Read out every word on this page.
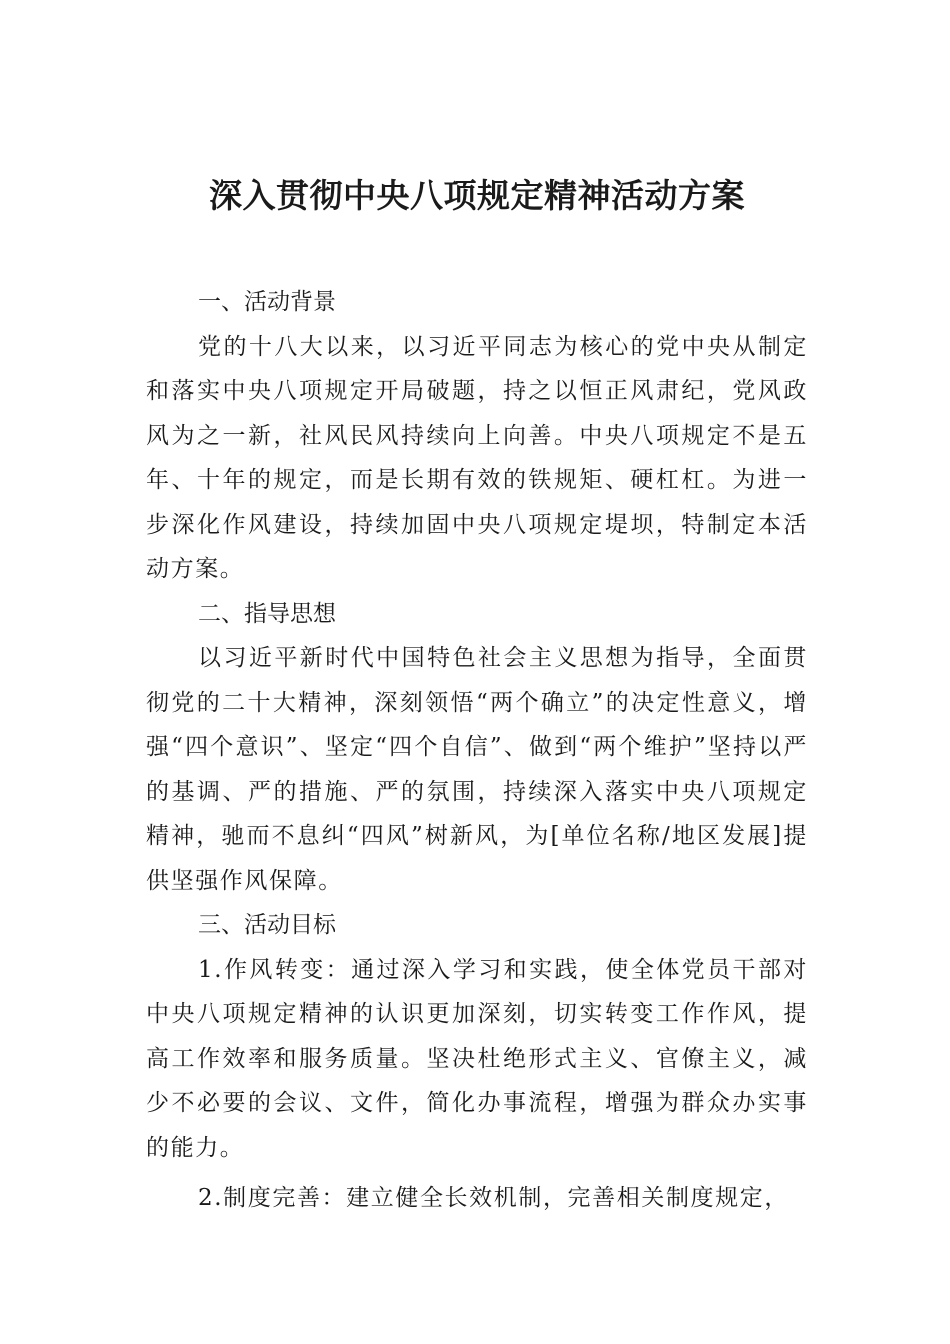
深入贯彻中央八项规定精神活动方案
一、活动背景

党的十八大以来，以习近平同志为核心的党中央从制定和落实中央八项规定开局破题，持之以恒正风肃纪，党风政风为之一新，社风民风持续向上向善。中央八项规定不是五年、十年的规定，而是长期有效的铁规矩、硬杠杠。为进一步深化作风建设，持续加固中央八项规定堤坝，特制定本活动方案。

二、指导思想

以习近平新时代中国特色社会主义思想为指导，全面贯彻党的二十大精神，深刻领悟“两个确立”的决定性意义，增强“四个意识”、坚定“四个自信”、做到“两个维护”坚持以严的基调、严的措施、严的氛围，持续深入落实中央八项规定精神，驰而不息纠“四风”树新风，为[单位名称/地区发展]提供坚强作风保障。

三、活动目标

1.作风转变：通过深入学习和实践，使全体党员干部对中央八项规定精神的认识更加深刻，切实转变工作作风，提高工作效率和服务质量。坚决杜绝形式主义、官僚主义，减少不必要的会议、文件，简化办事流程，增强为群众办实事的能力。

2.制度完善：建立健全长效机制，完善相关制度规定，
